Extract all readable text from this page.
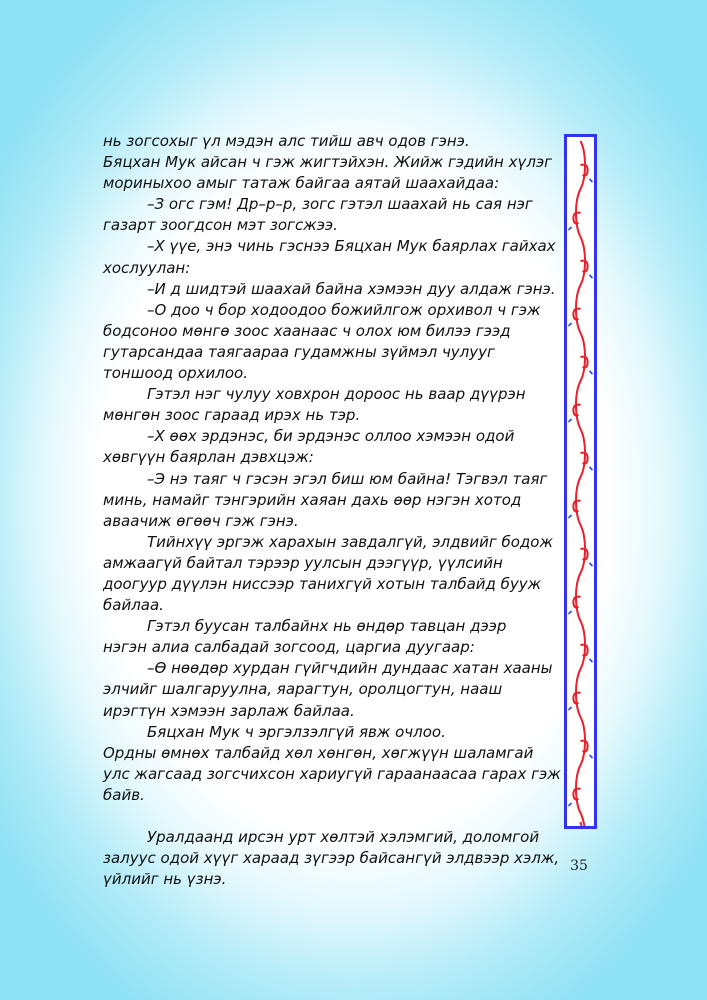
нь зогсохыг үл мэдэн алс тийш авч одов гэнэ.
Бяцхан Мук айсан ч гэж жигтэйхэн. Жийж гэдийн хүлэг
мориныхоо амыг татаж байгаа аятай шаахайдаа:
–З огс гэм! Др–р–р, зогс гэтэл шаахай нь сая нэг
газарт зоогдсон мэт зогсжээ.
–Х үүе, энэ чинь гэснээ Бяцхан Мук баярлах гайхах
хослуулан:
–И д шидтэй шаахай байна хэмээн дуу алдаж гэнэ.
–О доо ч бор ходоодоо божийлгож орхивол ч гэж
бодсоноо мөнгө зоос хаанаас ч олох юм билээ гээд
гутарсандаа таягаараа гудамжны зүймэл чулууг
тоншоод орхилоо.
Гэтэл нэг чулуу ховхрон дороос нь ваар дүүрэн
мөнгөн зоос гараад ирэх нь тэр.
–Х өөх эрдэнэс, би эрдэнэс оллоо хэмээн одой
хөвгүүн баярлан дэвхцэж:
–Э нэ таяг ч гэсэн эгэл биш юм байна! Тэгвэл таяг
минь, намайг тэнгэрийн хаяан дахь өөр нэгэн хотод
аваачиж өгөөч гэж гэнэ.
Тийнхүү эргэж харахын завдалгүй, элдвийг бодож
амжаагүй байтал тэрээр уулсын дээгүүр, үүлсийн
доогуур дүүлэн ниссээр танихгүй хотын талбайд бууж
байлаа.
Гэтэл буусан талбайнх нь өндөр тавцан дээр
нэгэн алиа салбадай зогсоод, царгиа дуугаар:
–Ө нөөдөр хурдан гүйгчдийн дундаас хатан хааны
элчийг шалгаруулна, яарагтун, оролцогтун, нааш
ирэгтүн хэмээн зарлаж байлаа.
Бяцхан Мук ч эргэлзэлгүй явж очлоо.
Ордны өмнөх талбайд хөл хөнгөн, хөгжүүн шаламгай
улс жагсаад зогсчихсон хариугүй гараанаасаа гарах гэж
байв.
Уралдаанд ирсэн урт хөлтэй хэлэмгий, доломгой
залуус одой хүүг хараад зүгээр байсангүй элдвээр хэлж,
үйлийг нь үзнэ.
35
